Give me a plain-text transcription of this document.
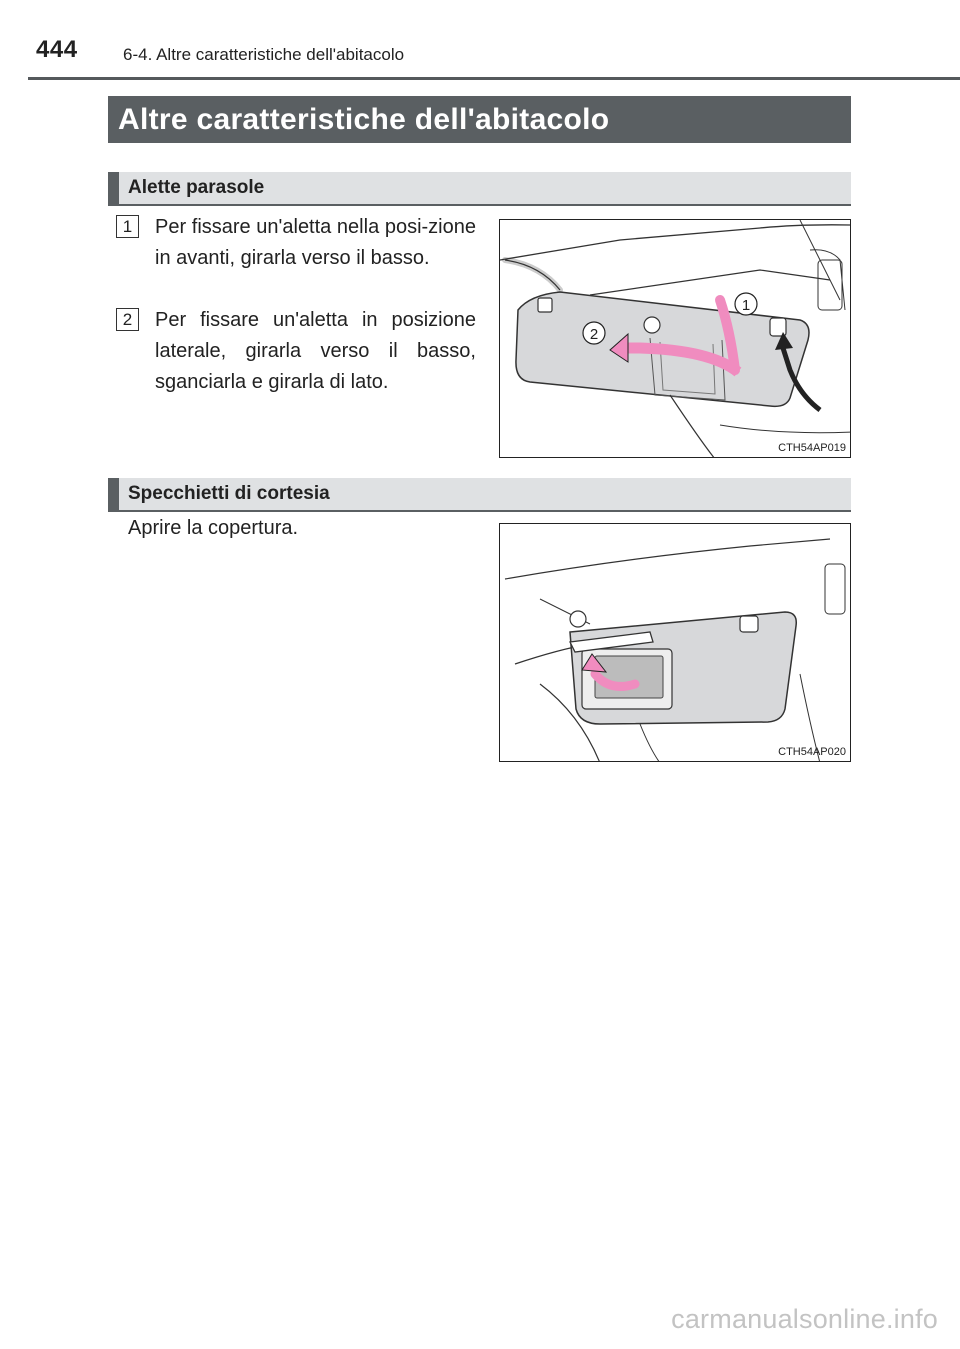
444	6-4. Altre caratteristiche dell'abitacolo
Altre caratteristiche dell'abitacolo
Alette parasole
1	Per fissare un'aletta nella posi-zione in avanti, girarla verso il basso.
2	Per fissare un'aletta in posizione laterale, girarla verso il basso, sganciarla e girarla di lato.
1
2
CTH54AP019
Specchietti di cortesia
Aprire la copertura.
CTH54AP020
carmanualsonline.info
